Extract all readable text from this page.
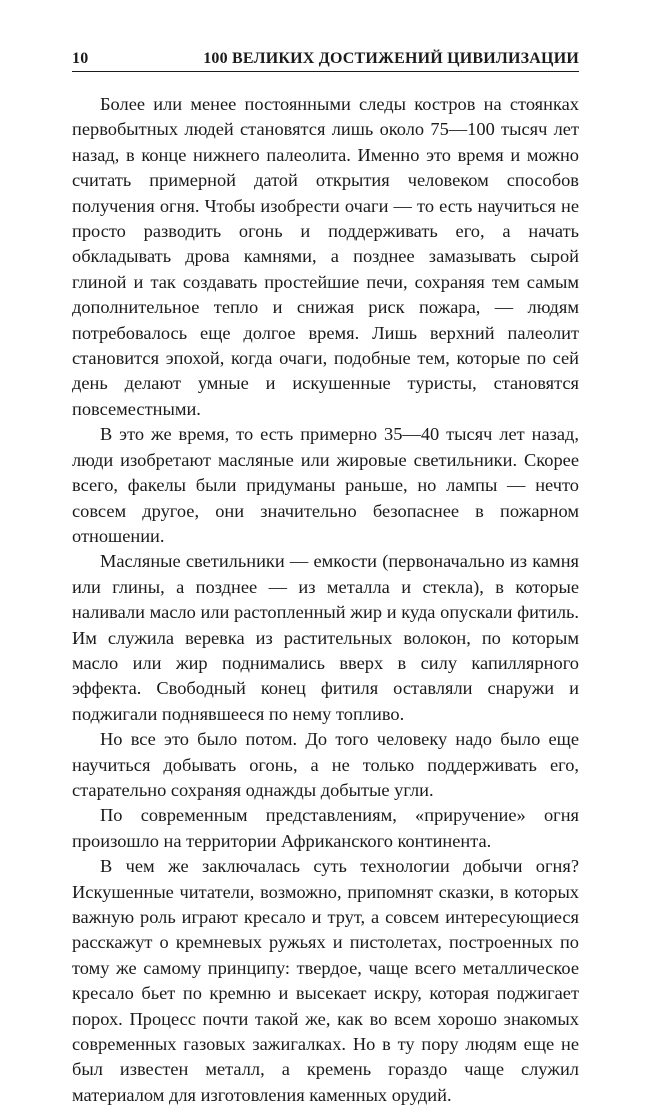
10	100 ВЕЛИКИХ ДОСТИЖЕНИЙ ЦИВИЛИЗАЦИИ

Более или менее постоянными следы костров на стоянках первобытных людей становятся лишь около 75—100 тысяч лет назад, в конце нижнего палеолита. Именно это время и можно считать примерной датой открытия человеком способов получения огня. Чтобы изобрести очаги — то есть научиться не просто разводить огонь и поддерживать его, а начать обкладывать дрова камнями, а позднее замазывать сырой глиной и так создавать простейшие печи, сохраняя тем самым дополнительное тепло и снижая риск пожара, — людям потребовалось еще долгое время. Лишь верхний палеолит становится эпохой, когда очаги, подобные тем, которые по сей день делают умные и искушенные туристы, становятся повсеместными.

В это же время, то есть примерно 35—40 тысяч лет назад, люди изобретают масляные или жировые светильники. Скорее всего, факелы были придуманы раньше, но лампы — нечто совсем другое, они значительно безопаснее в пожарном отношении.

Масляные светильники — емкости (первоначально из камня или глины, а позднее — из металла и стекла), в которые наливали масло или растопленный жир и куда опускали фитиль. Им служила веревка из растительных волокон, по которым масло или жир поднимались вверх в силу капиллярного эффекта. Свободный конец фитиля оставляли снаружи и поджигали поднявшееся по нему топливо.

Но все это было потом. До того человеку надо было еще научиться добывать огонь, а не только поддерживать его, старательно сохраняя однажды добытые угли.

По современным представлениям, «приручение» огня произошло на территории Африканского континента.

В чем же заключалась суть технологии добычи огня? Искушенные читатели, возможно, припомнят сказки, в которых важную роль играют кресало и трут, а совсем интересующиеся расскажут о кремневых ружьях и пистолетах, построенных по тому же самому принципу: твердое, чаще всего металлическое кресало бьет по кремню и высекает искру, которая поджигает порох. Процесс почти такой же, как во всем хорошо знакомых современных газовых зажигалках. Но в ту пору людям еще не был известен металл, а кремень гораздо чаще служил материалом для изготовления каменных орудий.
